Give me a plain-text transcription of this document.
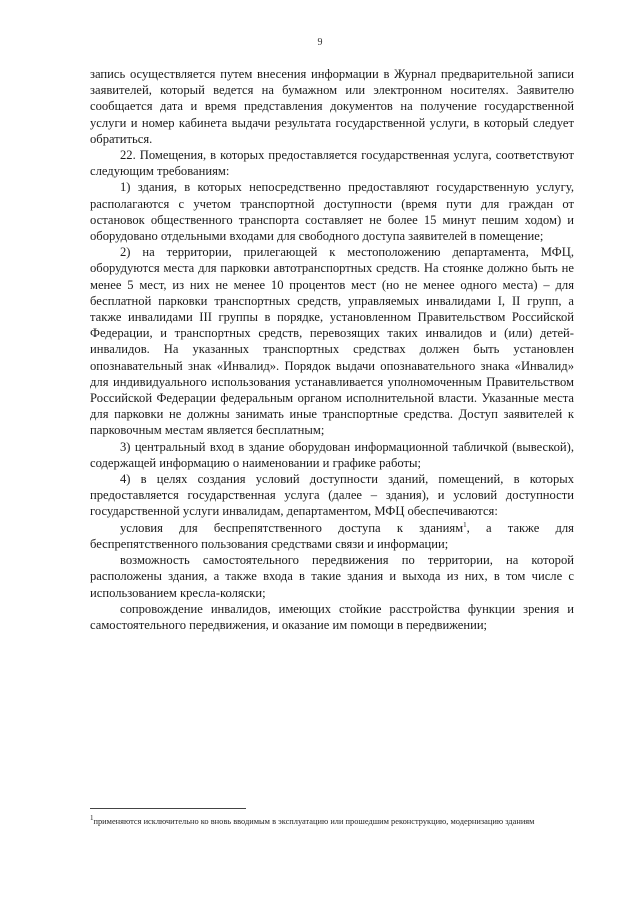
9

запись осуществляется путем внесения информации в Журнал предварительной записи заявителей, который ведется на бумажном или электронном носителях. Заявителю сообщается дата и время представления документов на получение государственной услуги и номер кабинета выдачи результата государственной услуги, в который следует обратиться.

22. Помещения, в которых предоставляется государственная услуга, соответствуют следующим требованиям:

1) здания, в которых непосредственно предоставляют государственную услугу, располагаются с учетом транспортной доступности (время пути для граждан от остановок общественного транспорта составляет не более 15 минут пешим ходом) и оборудовано отдельными входами для свободного доступа заявителей в помещение;

2) на территории, прилегающей к местоположению департамента, МФЦ, оборудуются места для парковки автотранспортных средств. На стоянке должно быть не менее 5 мест, из них не менее 10 процентов мест (но не менее одного места) – для бесплатной парковки транспортных средств, управляемых инвалидами I, II групп, а также инвалидами III группы в порядке, установленном Правительством Российской Федерации, и транспортных средств, перевозящих таких инвалидов и (или) детей-инвалидов. На указанных транспортных средствах должен быть установлен опознавательный знак «Инвалид». Порядок выдачи опознавательного знака «Инвалид» для индивидуального использования устанавливается уполномоченным Правительством Российской Федерации федеральным органом исполнительной власти. Указанные места для парковки не должны занимать иные транспортные средства. Доступ заявителей к парковочным местам является бесплатным;

3) центральный вход в здание оборудован информационной табличкой (вывеской), содержащей информацию о наименовании и графике работы;

4) в целях создания условий доступности зданий, помещений, в которых предоставляется государственная услуга (далее – здания), и условий доступности государственной услуги инвалидам, департаментом, МФЦ обеспечиваются:

условия для беспрепятственного доступа к зданиям$^1$, а также для беспрепятственного пользования средствами связи и информации;

возможность самостоятельного передвижения по территории, на которой расположены здания, а также входа в такие здания и выхода из них, в том числе с использованием кресла-коляски;

сопровождение инвалидов, имеющих стойкие расстройства функции зрения и самостоятельного передвижения, и оказание им помощи в передвижении;

$^1$применяются исключительно ко вновь вводимым в эксплуатацию или прошедшим реконструкцию, модернизацию зданиям
